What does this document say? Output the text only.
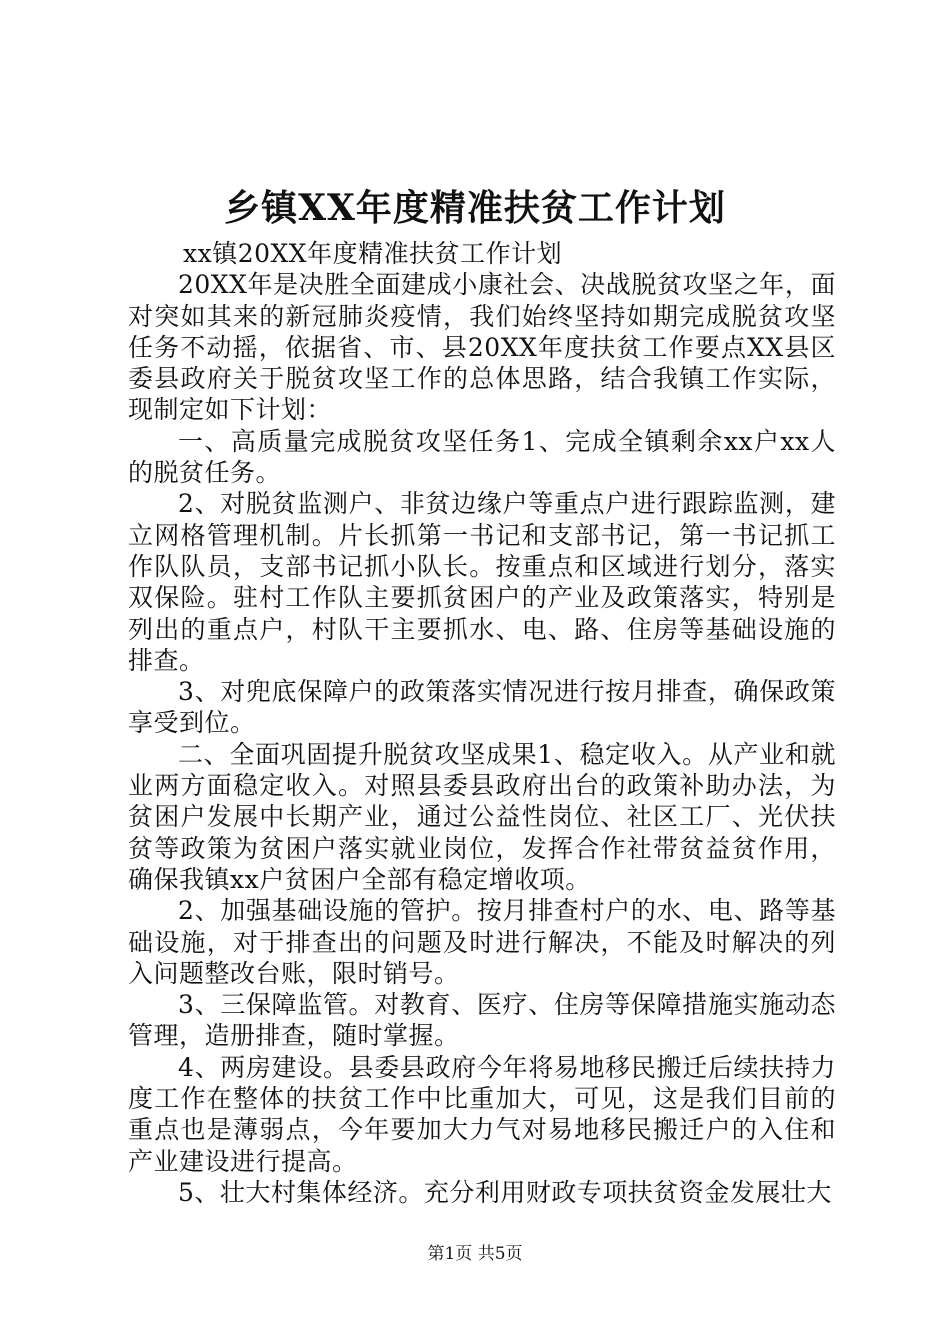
乡镇XX年度精准扶贫工作计划

xx镇20XX年度精准扶贫工作计划

20XX年是决胜全面建成小康社会、决战脱贫攻坚之年，面对突如其来的新冠肺炎疫情，我们始终坚持如期完成脱贫攻坚任务不动摇，依据省、市、县20XX年度扶贫工作要点XX县区委县政府关于脱贫攻坚工作的总体思路，结合我镇工作实际，现制定如下计划：

一、高质量完成脱贫攻坚任务1、完成全镇剩余xx户xx人的脱贫任务。

2、对脱贫监测户、非贫边缘户等重点户进行跟踪监测，建立网格管理机制。片长抓第一书记和支部书记，第一书记抓工作队队员，支部书记抓小队长。按重点和区域进行划分，落实双保险。驻村工作队主要抓贫困户的产业及政策落实，特别是列出的重点户，村队干主要抓水、电、路、住房等基础设施的排查。

3、对兜底保障户的政策落实情况进行按月排查，确保政策享受到位。

二、全面巩固提升脱贫攻坚成果1、稳定收入。从产业和就业两方面稳定收入。对照县委县政府出台的政策补助办法，为贫困户发展中长期产业，通过公益性岗位、社区工厂、光伏扶贫等政策为贫困户落实就业岗位，发挥合作社带贫益贫作用，确保我镇xx户贫困户全部有稳定增收项。

2、加强基础设施的管护。按月排查村户的水、电、路等基础设施，对于排查出的问题及时进行解决，不能及时解决的列入问题整改台账，限时销号。

3、三保障监管。对教育、医疗、住房等保障措施实施动态管理，造册排查，随时掌握。

4、两房建设。县委县政府今年将易地移民搬迁后续扶持力度工作在整体的扶贫工作中比重加大，可见，这是我们目前的重点也是薄弱点，今年要加大力气对易地移民搬迁户的入住和产业建设进行提高。

5、壮大村集体经济。充分利用财政专项扶贫资金发展壮大

第1页 共5页
